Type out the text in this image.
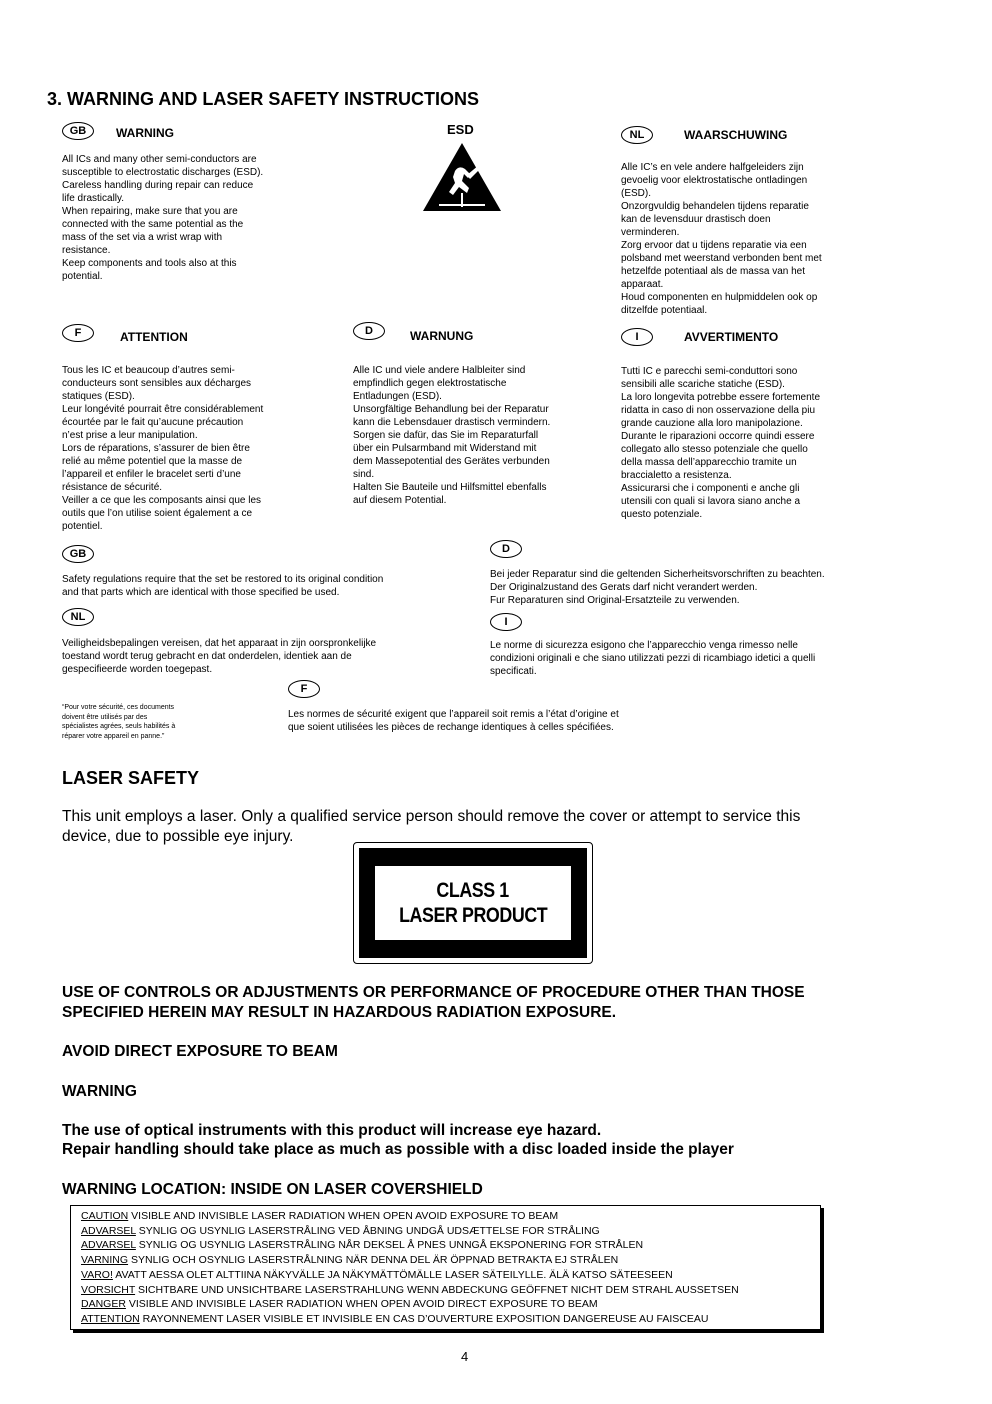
3. WARNING AND LASER SAFETY INSTRUCTIONS
GB	WARNING
All ICs and many other semi-conductors are
susceptible to electrostatic discharges (ESD).
Careless handling during repair can reduce
life drastically.
When repairing, make sure that you are
connected with the same potential as the
mass of the set via a wrist wrap with
resistance.
Keep components and tools also at this
potential.
ESD	NL	WAARSCHUWING
Alle IC’s en vele andere halfgeleiders zijn
gevoelig voor elektrostatische ontladingen
(ESD).
Onzorgvuldig behandelen tijdens reparatie
kan de levensduur drastisch doen
verminderen.
Zorg ervoor dat u tijdens reparatie via een
polsband met weerstand verbonden bent met
hetzelfde potentiaal als de massa van het
apparaat.
Houd componenten en hulpmiddelen ook op
ditzelfde potentiaal.
F	ATTENTION
Tous les IC et beaucoup d’autres semi-
conducteurs sont sensibles aux décharges
statiques (ESD).
Leur longévité pourrait être considérablement
écourtée par le fait qu’aucune précaution
n’est prise a leur manipulation.
Lors de réparations, s’assurer de bien être
relié au même potentiel que la masse de
l’appareil et enfiler le bracelet serti d’une
résistance de sécurité.
Veiller a ce que les composants ainsi que les
outils que l’on utilise soient également a ce
potentiel.
D	WARNUNG
Alle IC und viele andere Halbleiter sind
empfindlich gegen elektrostatische
Entladungen (ESD).
Unsorgfältige Behandlung bei der Reparatur
kann die Lebensdauer drastisch vermindern.
Sorgen sie dafür, das Sie im Reparaturfall
über ein Pulsarmband mit Widerstand mit
dem Massepotential des Gerätes verbunden
sind.
Halten Sie Bauteile und Hilfsmittel ebenfalls
auf diesem Potential.
I	AVVERTIMENTO
Tutti IC e parecchi semi-conduttori sono
sensibili alle scariche statiche (ESD).
La loro longevita potrebbe essere fortemente
ridatta in caso di non osservazione della piu
grande cauzione alla loro manipolazione.
Durante le riparazioni occorre quindi essere
collegato allo stesso potenziale che quello
della massa dell’apparecchio tramite un
braccialetto a resistenza.
Assicurarsi che i componenti e anche gli
utensili con quali si lavora siano anche a
questo potenziale.
GB
Safety regulations require that the set be restored to its original condition
and that parts which are identical with those specified be used.
NL
Veiligheidsbepalingen vereisen, dat het apparaat in zijn oorspronkelijke
toestand wordt terug gebracht en dat onderdelen, identiek aan de
gespecifieerde worden toegepast.
D
Bei jeder Reparatur sind die geltenden Sicherheitsvorschriften zu beachten.
Der Originalzustand des Gerats darf nicht verandert werden.
Fur Reparaturen sind Original-Ersatzteile zu verwenden.
I
Le norme di sicurezza esigono che l’apparecchio venga rimesso nelle
condizioni originali e che siano utilizzati pezzi di ricambiago idetici a quelli
specificati.
F
Les normes de sécurité exigent que l’appareil soit remis a l’état d’origine et
que soient utilisées les pièces de rechange identiques à celles spécifiées.
“Pour votre sécurité, ces documents
doivent être utilisés par des
spécialistes agrées, seuls habilités à
réparer votre appareil en panne.”
LASER SAFETY
This unit employs a laser. Only a qualified service person should remove the cover or attempt to service this
device, due to possible eye injury.
CLASS 1
LASER PRODUCT
USE OF CONTROLS OR ADJUSTMENTS OR PERFORMANCE OF PROCEDURE OTHER THAN THOSE
SPECIFIED HEREIN MAY RESULT IN HAZARDOUS RADIATION EXPOSURE.
AVOID DIRECT EXPOSURE TO BEAM
WARNING
The use of optical instruments with this product will increase eye hazard.
Repair handling should take place as much as possible with a disc loaded inside the player
WARNING LOCATION: INSIDE ON LASER COVERSHIELD
CAUTION VISIBLE AND INVISIBLE LASER RADIATION WHEN OPEN AVOID EXPOSURE TO BEAM
ADVARSEL SYNLIG OG USYNLIG LASERSTRÅLING VED ÅBNING UNDGÅ UDSÆTTELSE FOR STRÅLING
ADVARSEL SYNLIG OG USYNLIG LASERSTRÅLING NÅR DEKSEL Å PNES UNNGÅ EKSPONERING FOR STRÅLEN
VARNING SYNLIG OCH OSYNLIG LASERSTRÅLNING NÄR DENNA DEL ÄR ÖPPNAD BETRAKTA EJ STRÅLEN
VARO! AVATT AESSA OLET ALTTIINA NÄKYVÄLLE JA NÄKYMÄTTÖMÄLLE LASER SÄTEILYLLE. ÄLÄ KATSO SÄTEESEEN
VORSICHT SICHTBARE UND UNSICHTBARE LASERSTRAHLUNG WENN ABDECKUNG GEÖFFNET NICHT DEM STRAHL AUSSETSEN
DANGER VISIBLE AND INVISIBLE LASER RADIATION WHEN OPEN AVOID DIRECT EXPOSURE TO BEAM
ATTENTION RAYONNEMENT LASER VISIBLE ET INVISIBLE EN CAS D’OUVERTURE EXPOSITION DANGEREUSE AU FAISCEAU
4
